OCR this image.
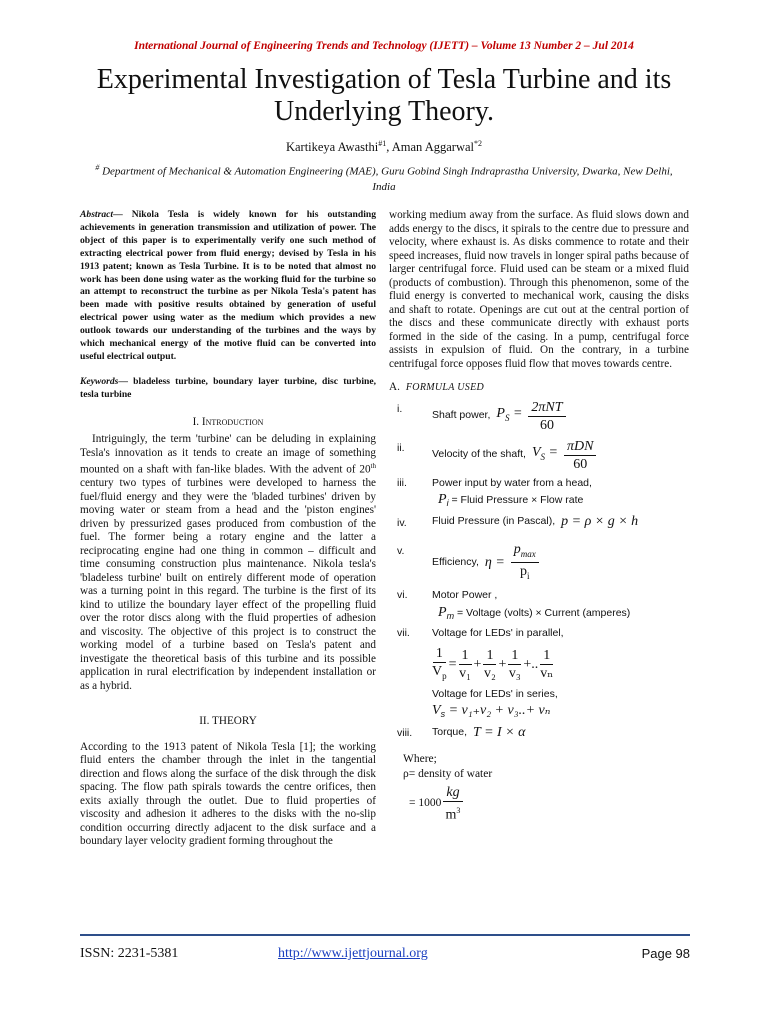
International Journal of Engineering Trends and Technology (IJETT) – Volume 13 Number 2 – Jul 2014
Experimental Investigation of Tesla Turbine and its
Underlying Theory.
Kartikeya Awasthi$^{\#1}$, Aman Aggarwal$^{*2}$
# Department of Mechanical & Automation Engineering (MAE), Guru Gobind Singh Indraprastha University, Dwarka, New Delhi, India

Abstract— Nikola Tesla is widely known for his outstanding achievements in generation transmission and utilization of power. The object of this paper is to experimentally verify one such method of extracting electrical power from fluid energy; devised by Tesla in his 1913 patent; known as Tesla Turbine. It is to be noted that almost no work has been done using water as the working fluid for the turbine so an attempt to reconstruct the turbine as per Nikola Tesla's patent has been made with positive results obtained by generation of useful electrical power using water as the medium which provides a new outlook towards our understanding of the turbines and the ways by which mechanical energy of the motive fluid can be converted into useful electrical output.

Keywords— bladeless turbine, boundary layer turbine, disc turbine, tesla turbine

I. Introduction

Intriguingly, the term 'turbine' can be deluding in explaining Tesla's innovation as it tends to create an image of something mounted on a shaft with fan-like blades. With the advent of 20th century two types of turbines were developed to harness the fuel/fluid energy and they were the 'bladed turbines' driven by moving water or steam from a head and the 'piston engines' driven by pressurized gases produced from combustion of the fuel. The former being a rotary engine and the latter a reciprocating engine had one thing in common – difficult and time consuming construction plus maintenance. Nikola tesla's 'bladeless turbine' built on entirely different mode of operation was a turning point in this regard. The turbine is the first of its kind to utilize the boundary layer effect of the propelling fluid over the rotor discs along with the fluid properties of adhesion and viscosity. The objective of this project is to construct the working model of a turbine based on Tesla's patent and investigate the theoretical basis of this turbine and its possible application in rural electrification by independent installation or as a hybrid.

II. THEORY

According to the 1913 patent of Nikola Tesla [1]; the working fluid enters the chamber through the inlet in the tangential direction and flows along the surface of the disk through the disk spacing. The flow path spirals towards the centre orifices, then exits axially through the outlet. Due to fluid properties of viscosity and adhesion it adheres to the disks with the no-slip condition occurring directly adjacent to the disk surface and a boundary layer velocity gradient forming throughout the

working medium away from the surface. As fluid slows down and adds energy to the discs, it spirals to the centre due to pressure and velocity, where exhaust is. As disks commence to rotate and their speed increases, fluid now travels in longer spiral paths because of larger centrifugal force. Fluid used can be steam or a mixed fluid (products of combustion). Through this phenomenon, some of the fluid energy is converted to mechanical work, causing the disks and shaft to rotate. Openings are cut out at the central portion of the discs and these communicate directly with exhaust ports formed in the side of the casing. In a pump, centrifugal force assists in expulsion of fluid. On the contrary, in a turbine centrifugal force opposes fluid flow that moves towards centre.

A. FORMULA USED
i.
Shaft power, $P_S = \frac{\text{2πNT}}{60}$
ii.
Velocity of the shaft, $V_S = \frac{\text{πDN}}{60}$
iii.	Power input by water from a head,
Pi = Fluid Pressure × Flow rate
iv.	Fluid Pressure (in Pascal), p = ρ × g × h
v.
Efficiency, $\eta = \frac{p_{max}}{p_i}$
vi.	Motor Power ,
Pm = Voltage (volts) × Current (amperes)
vii.	Voltage for LEDs' in parallel,
$\frac{1}{V_p} = \frac{1}{\text{v₁}} + \frac{1}{\text{v₂}} + \frac{1}{\text{v₃}}$ +.. $\frac{1}{\text{vₙ}}$
Voltage for LEDs' in series,
Vs = v₁₊v₂ + v₃..+ vₙ
viii.	Torque, T = I × α
Where;
ρ= density of water
= $1000 \frac{kg}{m^3}$
ISSN: 2231-5381	http://www.ijettjournal.org	Page 98
